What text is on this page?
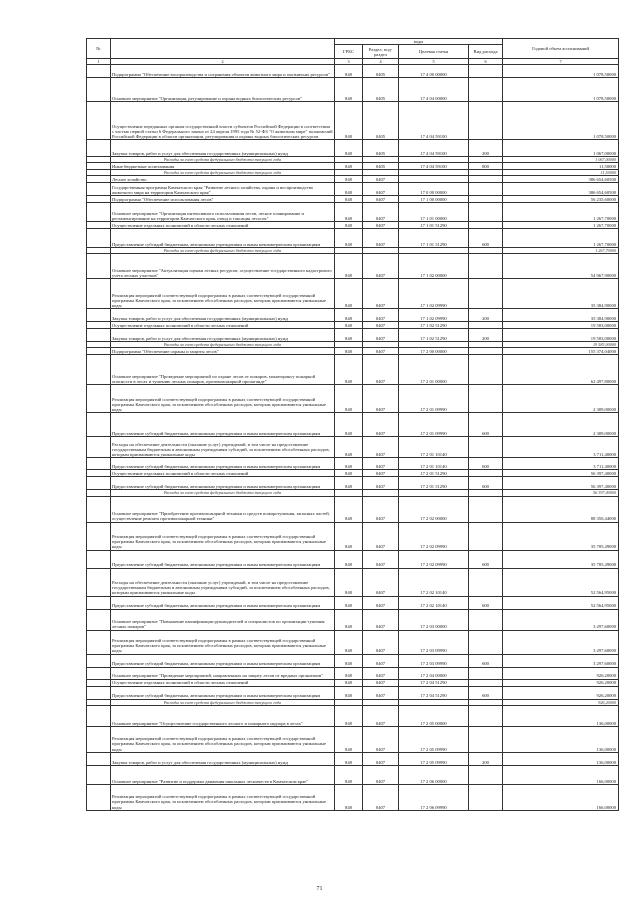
№		коды				Годовой объем ассигнований
		ГРБС	Раздел, под-раздел	Целевая статья	Вид расхода	
1	2	3	4	5	6	7
	Подпрограмма "Обеспечение воспроизводства и сохранения объектов животного мира и охотничьих ресурсов"	848	0405	17 4 00 00000		1 078,50000
	Основное мероприятие "Организация, регулирование и охрана водных биологических ресурсов"	848	0405	17 4 04 00000		1 078,50000
	Осуществление переданных органам государственной власти субъектов Российской Федерации в соответствии с частью первой статьи 6 Федерального закона от 24 апреля 1995 года № 52-ФЗ "О животном мире" полномочий Российской Федерации в области организации, регулирования и охраны водных биологических ресурсов	848	0405	17 4 04 59100		1 078,50000
	Закупка товаров, работ и услуг для обеспечения государственных (муниципальных) нужд	848	0405	17 4 04 59100	200	1 067,00000
	Расходы за счет средств федерального бюджета текущего года					1 067,00000
	Иные бюджетные ассигнования	848	0405	17 4 04 59100	800	11,50000
	Расходы за счет средств федерального бюджета текущего года					11,50000
	Лесное хозяйство	848	0407			386 654,60500
	Государственная программа Камчатского края "Развитие лесного хозяйства, охрана и воспроизводство животного мира на территории Камчатского края"	848	0407	17 0 00 00000		386 654,60500
	Подпрограмма "Обеспечение использования лесов"	848	0407	17 1 00 00000		56 235,60000
	Основное мероприятие "Организация интенсивного использования лесов, лесное планирование и регламентирование на территории Камчатского края, отвод и таксация лесосек"	848	0407	17 1 01 00000		1 267,70000
	Осуществление отдельных полномочий в области лесных отношений	848	0407	17 1 01 51290		1 267,70000
	Предоставление субсидий бюджетным, автономным учреждениям и иным некоммерческим организациям	848	0407	17 1 01 51290	600	1 267,70000
	Расходы за счет средств федерального бюджета текущего года					1 267,70000
	Основное мероприятие "Актуализация оценки лесных ресурсов, осуществление государственного кадастрового учета лесных участков"	848	0407	17 1 02 00000		54 967,90000
	Реализация мероприятий соответствующей подпрограммы в рамках соответствующей государственной программы Камчатского края, за исключением обособленных расходов, которым присваиваются уникальные коды	848	0407	17 1 02 09990		35 384,90000
	Закупка товаров, работ и услуг для обеспечения государственных (муниципальных) нужд	848	0407	17 1 02 09990	200	35 384,90000
	Осуществление отдельных полномочий в области лесных отношений	848	0407	17 1 02 51290		19 583,00000
	Закупка товаров, работ и услуг для обеспечения государственных (муниципальных) нужд	848	0407	17 1 02 51290	200	19 583,00000
	Расходы за счет средств федерального бюджета текущего года					19 583,00000
	Подпрограмма "Обеспечение охраны и защиты лесов"	848	0407	17 2 00 00000		155 374,04000
	Основное мероприятие "Проведение мероприятий по охране лесов от пожаров, мониторингу пожарной опасности в лесах и тушению лесных пожаров, противопожарной пропаганде"	848	0407	17 2 01 00000		62 497,80000
	Реализация мероприятий соответствующей подпрограммы в рамках соответствующей государственной программы Камчатского края, за исключением обособленных расходов, которым присваиваются уникальные коды	848	0407	17 2 01 09990		2 389,00000
	Предоставление субсидий бюджетным, автономным учреждениям и иным некоммерческим организациям	848	0407	17 2 01 09990	600	2 389,00000
	Расходы на обеспечение деятельности (оказание услуг) учреждений, в том числе на предоставление государственным бюджетным и автономным учреждениям субсидий, за исключением обособленных расходов, которым присваиваются уникальные коды	848	0407	17 2 01 10140		3 711,40000
	Предоставление субсидий бюджетным, автономным учреждениям и иным некоммерческим организациям	848	0407	17 2 01 10140	600	3 711,40000
	Осуществление отдельных полномочий в области лесных отношений	848	0407	17 2 01 51290		56 397,40000
	Предоставление субсидий бюджетным, автономным учреждениям и иным некоммерческим организациям	848	0407	17 2 01 51290	600	56 397,40000
	Расходы за счет средств федерального бюджета текущего года					56 397,40000
	Основное мероприятие "Приобретение противопожарной техники и средств пожаротушения, запасных частей, осуществление ремонта противопожарной техники"	848	0407	17 2 02 00000		88 350,44000
	Реализация мероприятий соответствующей подпрограммы в рамках соответствующей государственной программы Камчатского края, за исключением обособленных расходов, которым присваиваются уникальные коды	848	0407	17 2 02 09990		35 785,49000
	Предоставление субсидий бюджетным, автономным учреждениям и иным некоммерческим организациям	848	0407	17 2 02 09990	600	35 785,49000
	Расходы на обеспечение деятельности (оказание услуг) учреждений, в том числе на предоставление государственным бюджетным и автономным учреждениям субсидий, за исключением обособленных расходов, которым присваиваются уникальные коды	848	0407	17 2 02 10140		52 564,95000
	Предоставление субсидий бюджетным, автономным учреждениям и иным некоммерческим организациям	848	0407	17 2 02 10140	600	52 564,95000
	Основное мероприятие "Повышение квалификации руководителей и специалистов по организации тушения лесных пожаров"	848	0407	17 2 03 00000		3 297,60000
	Реализация мероприятий соответствующей подпрограммы в рамках соответствующей государственной программы Камчатского края, за исключением обособленных расходов, которым присваиваются уникальные коды	848	0407	17 2 03 09990		3 297,60000
	Предоставление субсидий бюджетным, автономным учреждениям и иным некоммерческим организациям	848	0407	17 2 03 09990	600	3 297,60000
	Основное мероприятие "Проведение мероприятий, направленных на защиту лесов от вредных организмов"	848	0407	17 2 04 00000		926,20000
	Осуществление отдельных полномочий в области лесных отношений	848	0407	17 2 04 51290		926,20000
	Предоставление субсидий бюджетным, автономным учреждениям и иным некоммерческим организациям	848	0407	17 2 04 51290	600	926,20000
	Расходы за счет средств федерального бюджета текущего года					926,20000
	Основное мероприятие "Осуществление государственного лесного и пожарного надзора в лесах"	848	0407	17 2 05 00000		136,00000
	Реализация мероприятий соответствующей подпрограммы в рамках соответствующей государственной программы Камчатского края, за исключением обособленных расходов, которым присваиваются уникальные коды	848	0407	17 2 05 09990		136,00000
	Закупка товаров, работ и услуг для обеспечения государственных (муниципальных) нужд	848	0407	17 2 05 09990	200	136,00000
	Основное мероприятие "Развитие и поддержка движения школьных лесничеств в Камчатском крае"	848	0407	17 2 06 00000		166,00000
	Реализация мероприятий соответствующей подпрограммы в рамках соответствующей государственной программы Камчатского края, за исключением обособленных расходов, которым присваиваются уникальные коды	848	0407	17 2 06 09990		166,00000
71
